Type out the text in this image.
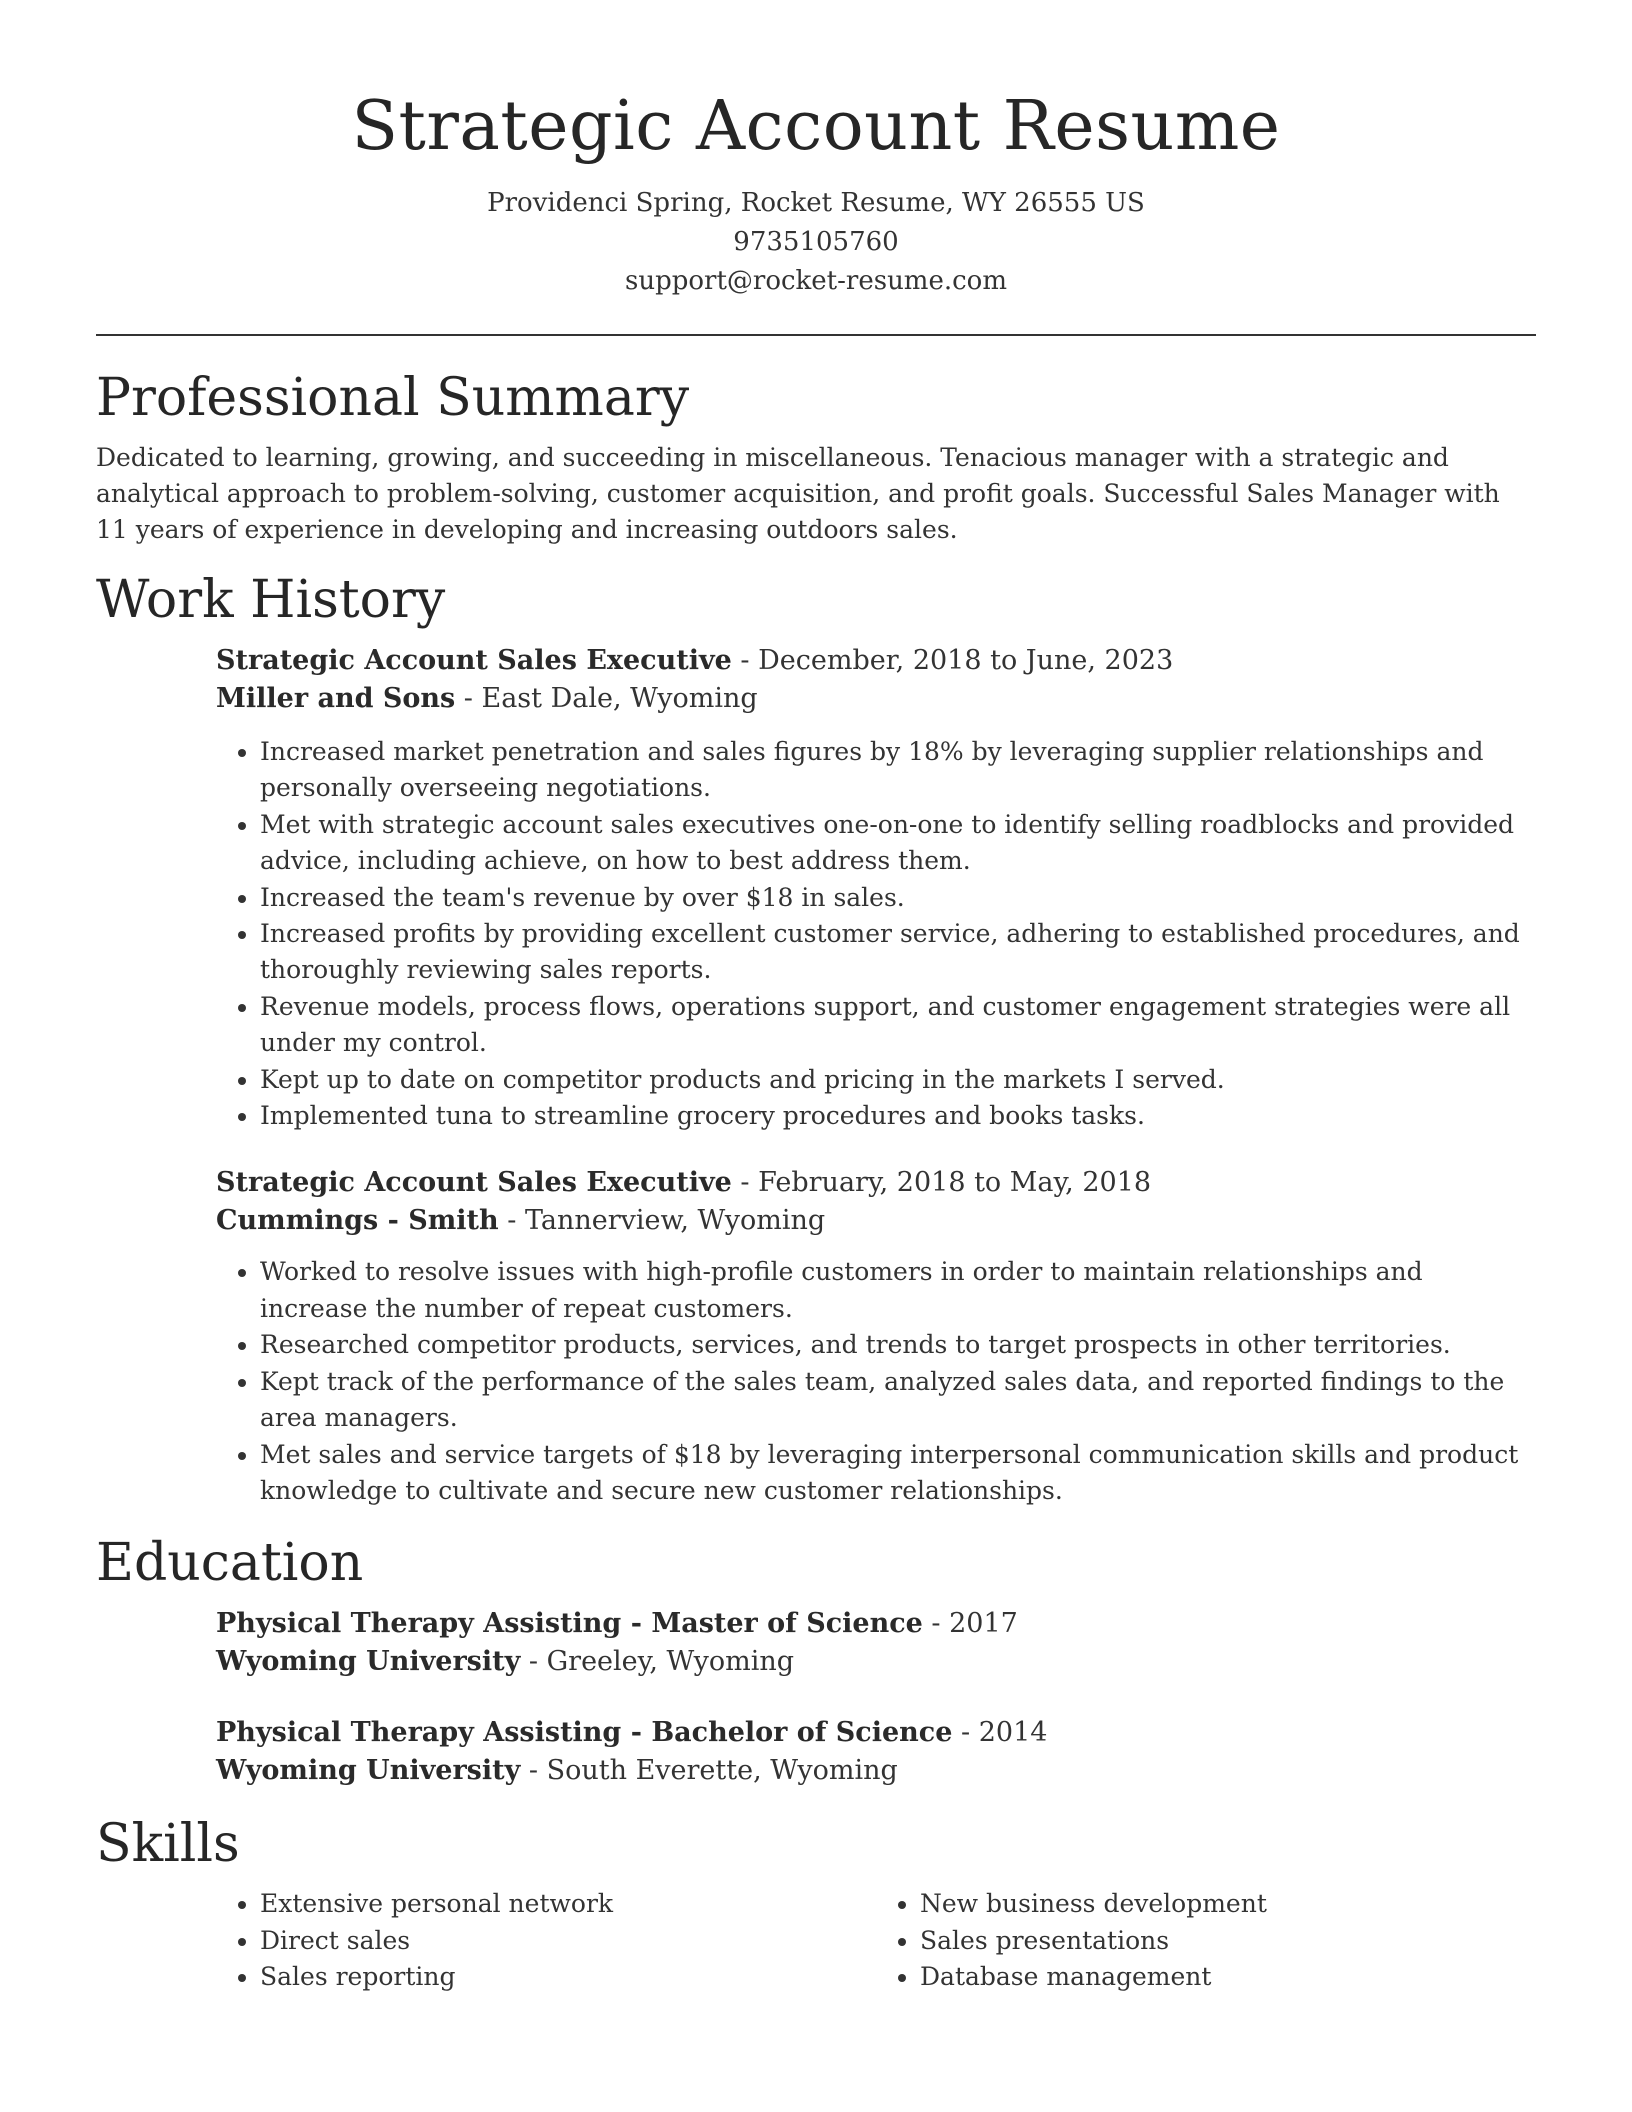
Strategic Account Resume
Providenci Spring, Rocket Resume, WY 26555 US
9735105760
support@rocket-resume.com
Professional Summary

Dedicated to learning, growing, and succeeding in miscellaneous. Tenacious manager with a strategic and analytical approach to problem-solving, customer acquisition, and profit goals. Successful Sales Manager with 11 years of experience in developing and increasing outdoors sales.

Work History
Strategic Account Sales Executive - December, 2018 to June, 2023
Miller and Sons - East Dale, Wyoming
• Increased market penetration and sales figures by 18% by leveraging supplier relationships and personally overseeing negotiations.
• Met with strategic account sales executives one-on-one to identify selling roadblocks and provided advice, including achieve, on how to best address them.
• Increased the team's revenue by over $18 in sales.
• Increased profits by providing excellent customer service, adhering to established procedures, and thoroughly reviewing sales reports.
• Revenue models, process flows, operations support, and customer engagement strategies were all under my control.
• Kept up to date on competitor products and pricing in the markets I served.
• Implemented tuna to streamline grocery procedures and books tasks.
Strategic Account Sales Executive - February, 2018 to May, 2018
Cummings - Smith - Tannerview, Wyoming
• Worked to resolve issues with high-profile customers in order to maintain relationships and increase the number of repeat customers.
• Researched competitor products, services, and trends to target prospects in other territories.
• Kept track of the performance of the sales team, analyzed sales data, and reported findings to the area managers.
• Met sales and service targets of $18 by leveraging interpersonal communication skills and product knowledge to cultivate and secure new customer relationships.
Education
Physical Therapy Assisting - Master of Science - 2017
Wyoming University - Greeley, Wyoming
Physical Therapy Assisting - Bachelor of Science - 2014
Wyoming University - South Everette, Wyoming
Skills
• Extensive personal network
• Direct sales
• Sales reporting
• New business development
• Sales presentations
• Database management
